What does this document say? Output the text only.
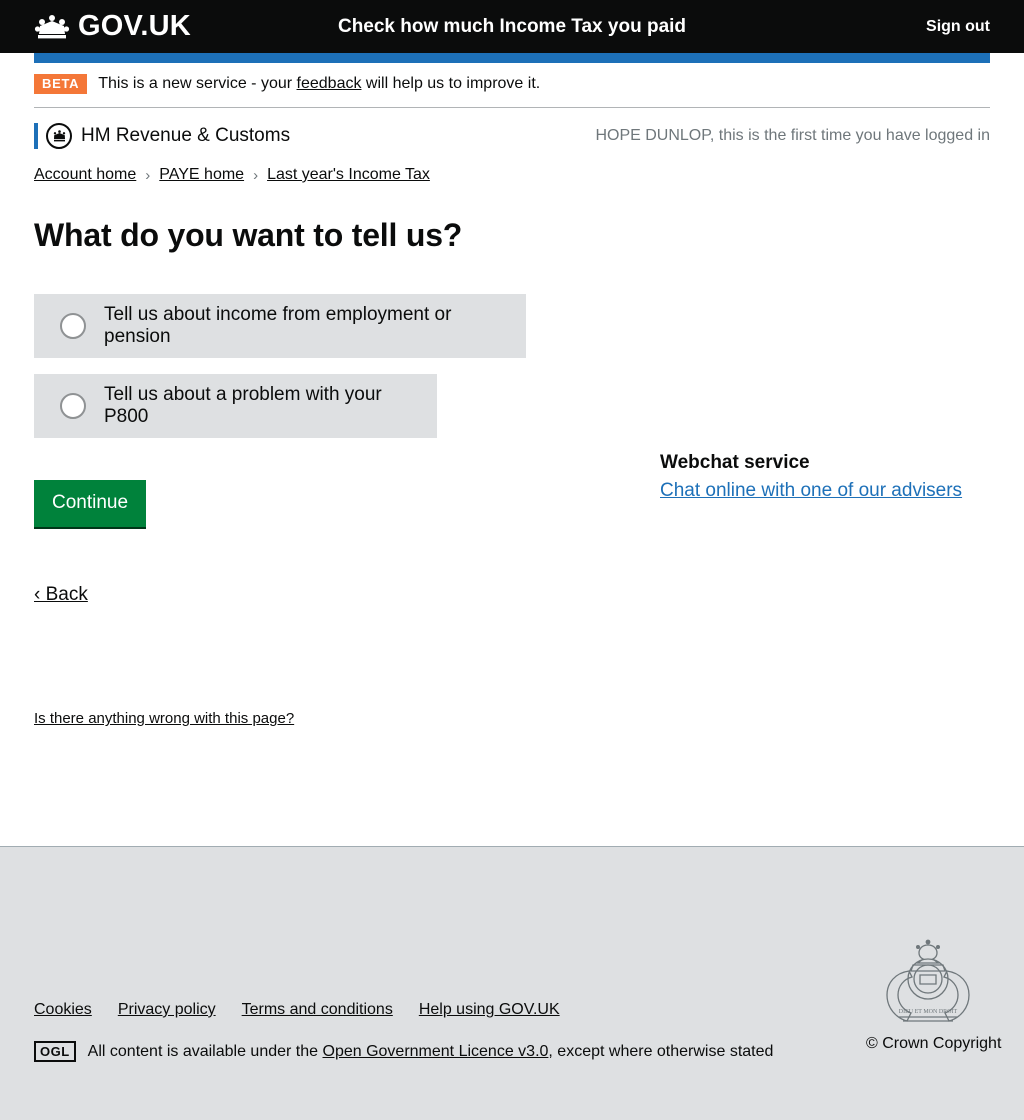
GOV.UK	Check how much Income Tax you paid	Sign out
BETA	This is a new service - your feedback will help us to improve it.
HM Revenue & Customs	HOPE DUNLOP, this is the first time you have logged in
Account home › PAYE home › Last year's Income Tax
What do you want to tell us?
Tell us about income from employment or pension
Tell us about a problem with your P800
Continue
‹ Back
Is there anything wrong with this page?
Webchat service
Chat online with one of our advisers
Cookies Privacy policy Terms and conditions Help using GOV.UK
OGL	All content is available under the Open Government Licence v3.0, except where otherwise stated
DIEU ET MON DROIT
© Crown Copyright
